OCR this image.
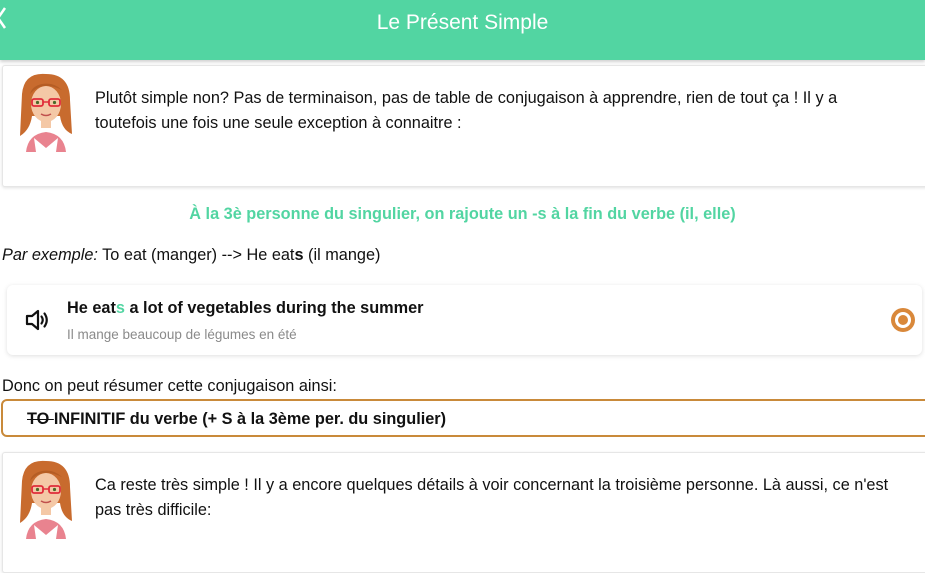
Le Présent Simple
Plutôt simple non? Pas de terminaison, pas de table de conjugaison à apprendre, rien de tout ça ! Il y a toutefois une fois une seule exception à connaitre :
À la 3è personne du singulier, on rajoute un -s à la fin du verbe (il, elle)
Par exemple: To eat (manger) --> He eats (il mange)
He eats a lot of vegetables during the summer
Il mange beaucoup de légumes en été
Donc on peut résumer cette conjugaison ainsi:
TO INFINITIF du verbe (+ S à la 3ème per. du singulier)
Ca reste très simple ! Il y a encore quelques détails à voir concernant la troisième personne. Là aussi, ce n'est pas très difficile:
